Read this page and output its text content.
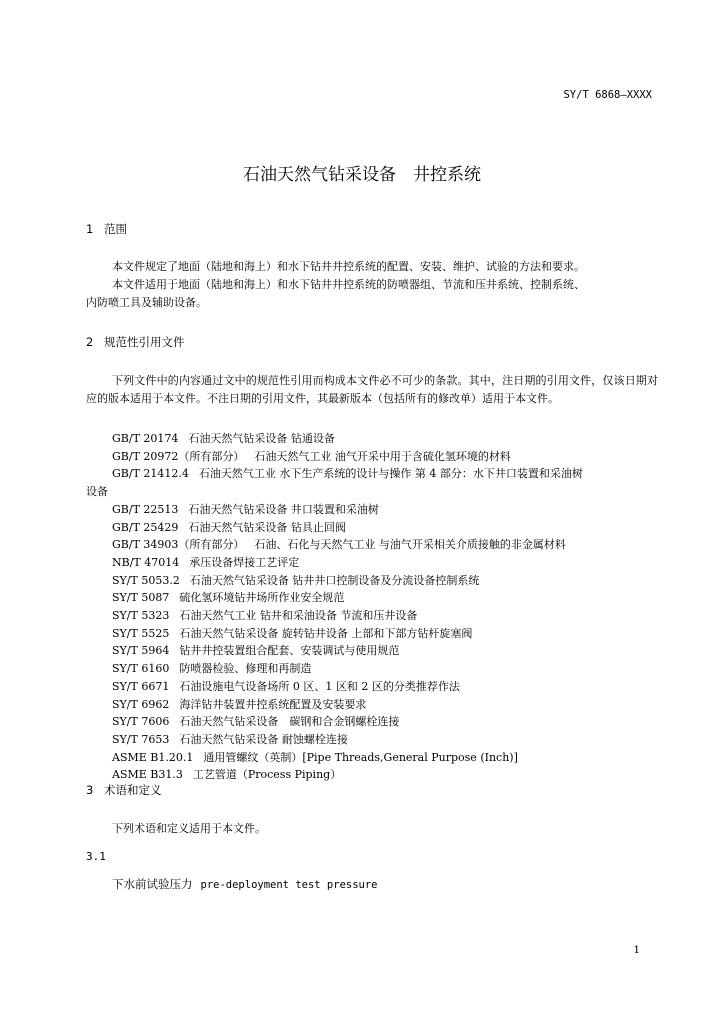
SY/T 6868—XXXX
石油天然气钻采设备　井控系统
1 范围
本文件规定了地面（陆地和海上）和水下钻井井控系统的配置、安装、维护、试验的方法和要求。
本文件适用于地面（陆地和海上）和水下钻井井控系统的防喷器组、节流和压井系统、控制系统、
内防喷工具及辅助设备。
2 规范性引用文件
下列文件中的内容通过文中的规范性引用而构成本文件必不可少的条款。其中，注日期的引用文件，仅该日期对应的版本适用于本文件。不注日期的引用文件，其最新版本（包括所有的修改单）适用于本文件。
GB/T 20174 石油天然气钻采设备 钻通设备
GB/T 20972（所有部分） 石油天然气工业 油气开采中用于含硫化氢环境的材料
GB/T 21412.4 石油天然气工业 水下生产系统的设计与操作 第 4 部分：水下井口装置和采油树
设备
GB/T 22513 石油天然气钻采设备 井口装置和采油树
GB/T 25429 石油天然气钻采设备 钻具止回阀
GB/T 34903（所有部分） 石油、石化与天然气工业 与油气开采相关介质接触的非金属材料
NB/T 47014 承压设备焊接工艺评定
SY/T 5053.2 石油天然气钻采设备 钻井井口控制设备及分流设备控制系统
SY/T 5087 硫化氢环境钻井场所作业安全规范
SY/T 5323 石油天然气工业 钻井和采油设备 节流和压井设备
SY/T 5525 石油天然气钻采设备 旋转钻井设备 上部和下部方钻杆旋塞阀
SY/T 5964 钻井井控装置组合配套、安装调试与使用规范
SY/T 6160 防喷器检验、修理和再制造
SY/T 6671 石油设施电气设备场所 0 区、1 区和 2 区的分类推荐作法
SY/T 6962 海洋钻井装置井控系统配置及安装要求
SY/T 7606 石油天然气钻采设备　碳钢和合金钢螺栓连接
SY/T 7653 石油天然气钻采设备 耐蚀螺栓连接
ASME B1.20.1 通用管螺纹（英制）[Pipe Threads,General Purpose (Inch)]
ASME B31.3 工艺管道（Process Piping）
3 术语和定义
下列术语和定义适用于本文件。
3.1
下水前试验压力 pre-deployment test pressure
1
